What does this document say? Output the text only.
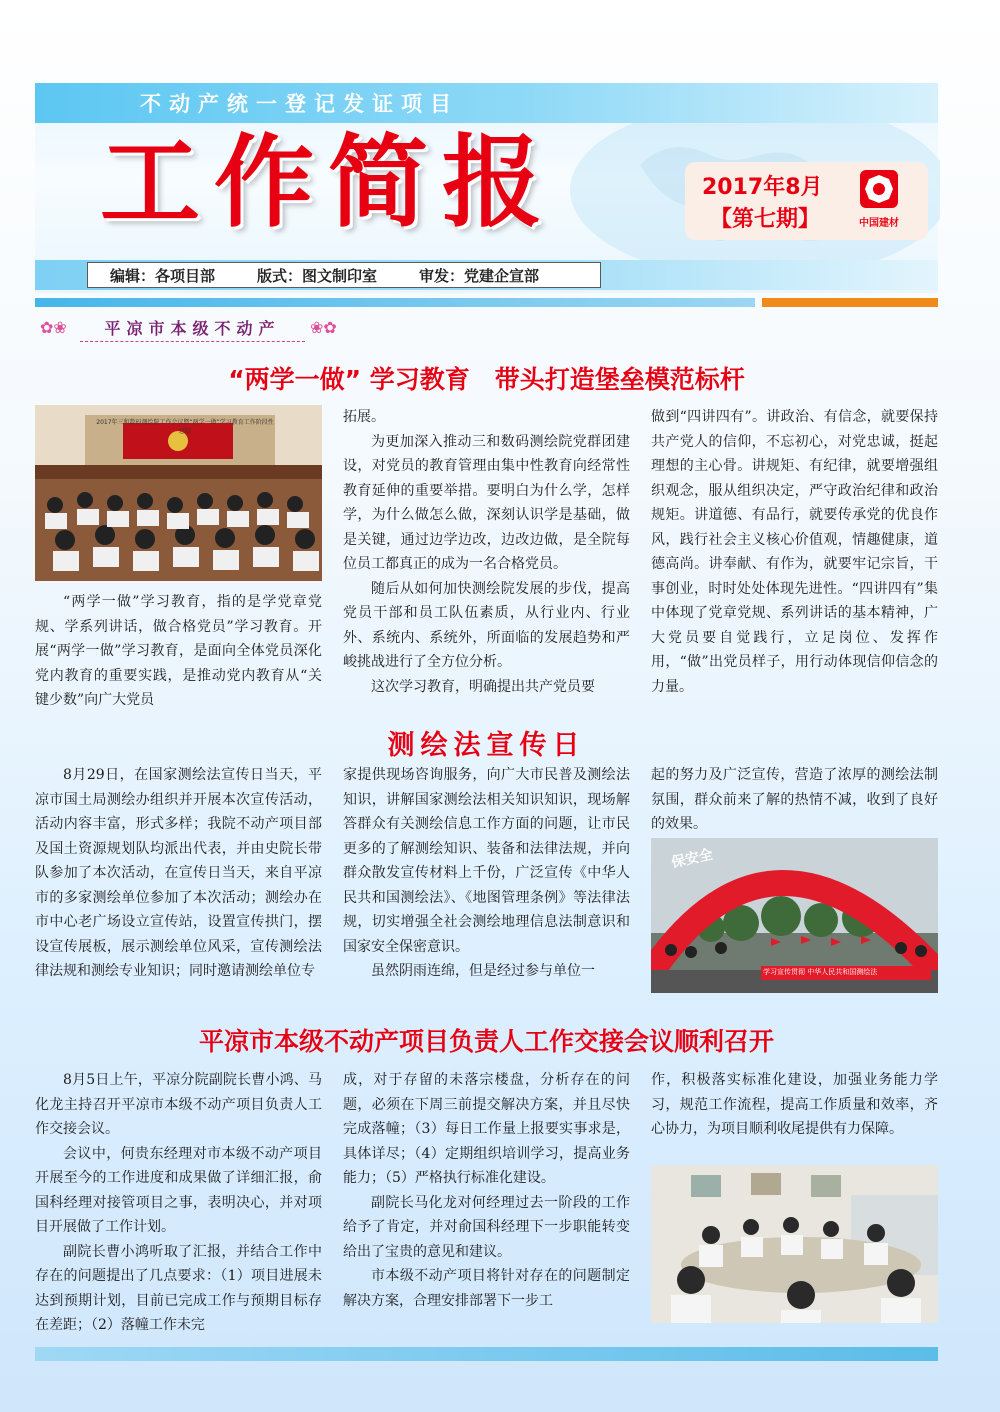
不动产统一登记发证项目
工作简报	2017年8月
【第七期】	中国建材
编辑：各项目部	版式：图文制印室	审发：党建企宣部
✿❀	平凉市本级不动产	❀✿
“两学一做” 学习教育　带头打造堡垒模范标杆
2017年三和数码测绘院工作会议暨“两学一做”学习教育工作阶段性总结

“两学一做”学习教育，指的是学党章党规、学系列讲话，做合格党员”学习教育。开展“两学一做”学习教育，是面向全体党员深化党内教育的重要实践，是推动党内教育从“关键少数”向广大党员

拓展。

为更加深入推动三和数码测绘院党群团建设，对党员的教育管理由集中性教育向经常性教育延伸的重要举措。要明白为什么学，怎样学，为什么做怎么做，深刻认识学是基础，做是关键，通过边学边改，边改边做，是全院每位员工都真正的成为一名合格党员。

随后从如何加快测绘院发展的步伐，提高党员干部和员工队伍素质，从行业内、行业外、系统内、系统外，所面临的发展趋势和严峻挑战进行了全方位分析。

这次学习教育，明确提出共产党员要

做到“四讲四有”。讲政治、有信念，就要保持共产党人的信仰，不忘初心，对党忠诚，挺起理想的主心骨。讲规矩、有纪律，就要增强组织观念，服从组织决定，严守政治纪律和政治规矩。讲道德、有品行，就要传承党的优良作风，践行社会主义核心价值观，情趣健康，道德高尚。讲奉献、有作为，就要牢记宗旨，干事创业，时时处处体现先进性。“四讲四有”集中体现了党章党规、系列讲话的基本精神，广大党员要自觉践行，立足岗位、发挥作用，“做”出党员样子，用行动体现信仰信念的力量。

测绘法宣传日

8月29日，在国家测绘法宣传日当天，平凉市国土局测绘办组织并开展本次宣传活动，活动内容丰富，形式多样；我院不动产项目部及国土资源规划队均派出代表，并由史院长带队参加了本次活动，在宣传日当天，来自平凉市的多家测绘单位参加了本次活动；测绘办在市中心老广场设立宣传站，设置宣传拱门，摆设宣传展板，展示测绘单位风采，宣传测绘法律法规和测绘专业知识；同时邀请测绘单位专

家提供现场咨询服务，向广大市民普及测绘法知识，讲解国家测绘法相关知识知识，现场解答群众有关测绘信息工作方面的问题，让市民更多的了解测绘知识、装备和法律法规，并向群众散发宣传材料上千份，广泛宣传《中华人民共和国测绘法》、《地图管理条例》等法律法规，切实增强全社会测绘地理信息法制意识和国家安全保密意识。

虽然阴雨连绵，但是经过参与单位一

起的努力及广泛宣传，营造了浓厚的测绘法制氛围，群众前来了解的热情不减，收到了良好的效果。

保安全
学习宣传贯彻 中华人民共和国测绘法
平凉市本级不动产项目负责人工作交接会议顺利召开

8月5日上午，平凉分院副院长曹小鸿、马化龙主持召开平凉市本级不动产项目负责人工作交接会议。

会议中，何贵东经理对市本级不动产项目开展至今的工作进度和成果做了详细汇报，俞国科经理对接管项目之事，表明决心，并对项目开展做了工作计划。

副院长曹小鸿听取了汇报，并结合工作中存在的问题提出了几点要求：（1）项目进展未达到预期计划，目前已完成工作与预期目标存在差距；（2）落幢工作未完

成，对于存留的未落宗楼盘，分析存在的问题，必须在下周三前提交解决方案，并且尽快完成落幢；（3）每日工作量上报要实事求是，具体详尽；（4）定期组织培训学习，提高业务能力；（5）严格执行标准化建设。

副院长马化龙对何经理过去一阶段的工作给予了肯定，并对俞国科经理下一步职能转变给出了宝贵的意见和建议。

市本级不动产项目将针对存在的问题制定解决方案，合理安排部署下一步工

作，积极落实标准化建设，加强业务能力学习，规范工作流程，提高工作质量和效率，齐心协力，为项目顺利收尾提供有力保障。
